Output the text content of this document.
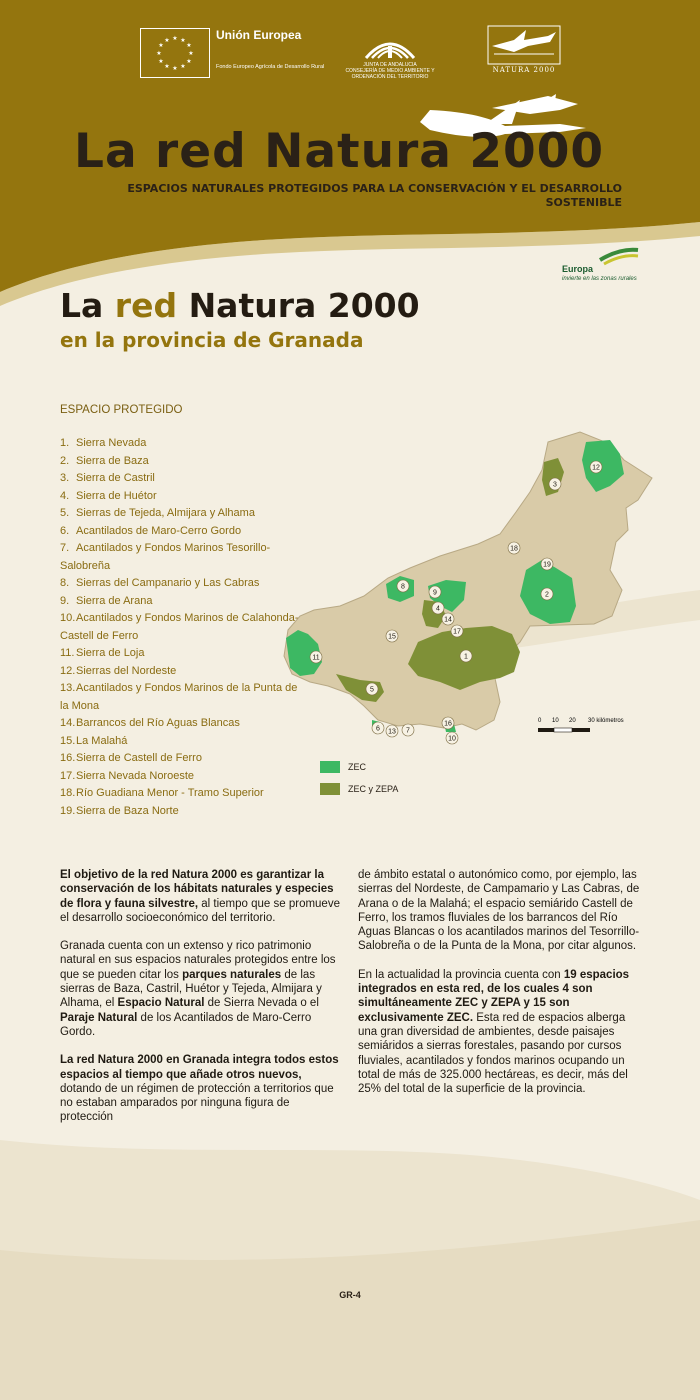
★ ★
★
★
★
★
★
★
★
★
★
★	Unión Europea
Fondo Europeo Agrícola de Desarrollo Rural	JUNTA DE ANDALUCIA
CONSEJERÍA DE MEDIO AMBIENTE Y ORDENACIÓN DEL TERRITORIO
NATURA 2000
La red Natura 2000
ESPACIOS NATURALES PROTEGIDOS PARA LA CONSERVACIÓN Y EL DESARROLLO SOSTENIBLE
Europa
invierte en las zonas rurales
La red Natura 2000
en la provincia de Granada
ESPACIO PROTEGIDO
1. Sierra Nevada
2. Sierra de Baza
3. Sierra de Castril
4. Sierra de Huétor
5. Sierras de Tejeda, Almijara y Alhama
6. Acantilados de Maro-Cerro Gordo
7. Acantilados y Fondos Marinos Tesorillo-Salobreña
8. Sierras del Campanario y Las Cabras
9. Sierra de Arana
10.Acantilados y Fondos Marinos de Calahonda-Castell de Ferro
11. Sierra de Loja
12.Sierras del Nordeste
13.Acantilados y Fondos Marinos de la Punta de la Mona
14.Barrancos del Río Aguas Blancas
15.La Malahá
16.Sierra de Castell de Ferro
17.Sierra Nevada Noroeste
18.Río Guadiana Menor - Tramo Superior
19.Sierra de Baza Norte
1
2
3
4
5
6	7
8
9
10
11
12
13
14
15
16
17
18
19
0 10 20 30 kilómetros
ZEC
ZEC y ZEPA

El objetivo de la red Natura 2000 es garantizar la conservación de los hábitats naturales y especies de flora y fauna silvestre, al tiempo que se promueve el desarrollo socioeconómico del territorio.

Granada cuenta con un extenso y rico patrimonio natural en sus espacios naturales protegidos entre los que se pueden citar los parques naturales de las sierras de Baza, Castril, Huétor y Tejeda, Almijara y Alhama, el Espacio Natural de Sierra Nevada o el Paraje Natural de los Acantilados de Maro-Cerro Gordo.

La red Natura 2000 en Granada integra todos estos espacios al tiempo que añade otros nuevos, dotando de un régimen de protección a territorios que no estaban amparados por ninguna figura de protección

de ámbito estatal o autonómico como, por ejemplo, las sierras del Nordeste, de Campamario y Las Cabras, de Arana o de la Malahá; el espacio semiárido Castell de Ferro, los tramos fluviales de los barrancos del Río Aguas Blancas o los acantilados marinos del Tesorrillo-Salobreña o de la Punta de la Mona, por citar algunos.

En la actualidad la provincia cuenta con 19 espacios integrados en esta red, de los cuales 4 son simultáneamente ZEC y ZEPA y 15 son exclusivamente ZEC. Esta red de espacios alberga una gran diversidad de ambientes, desde paisajes semiáridos a sierras forestales, pasando por cursos fluviales, acantilados y fondos marinos ocupando un total de más de 325.000 hectáreas, es decir, más del 25% del total de la superficie de la provincia.

GR-4
